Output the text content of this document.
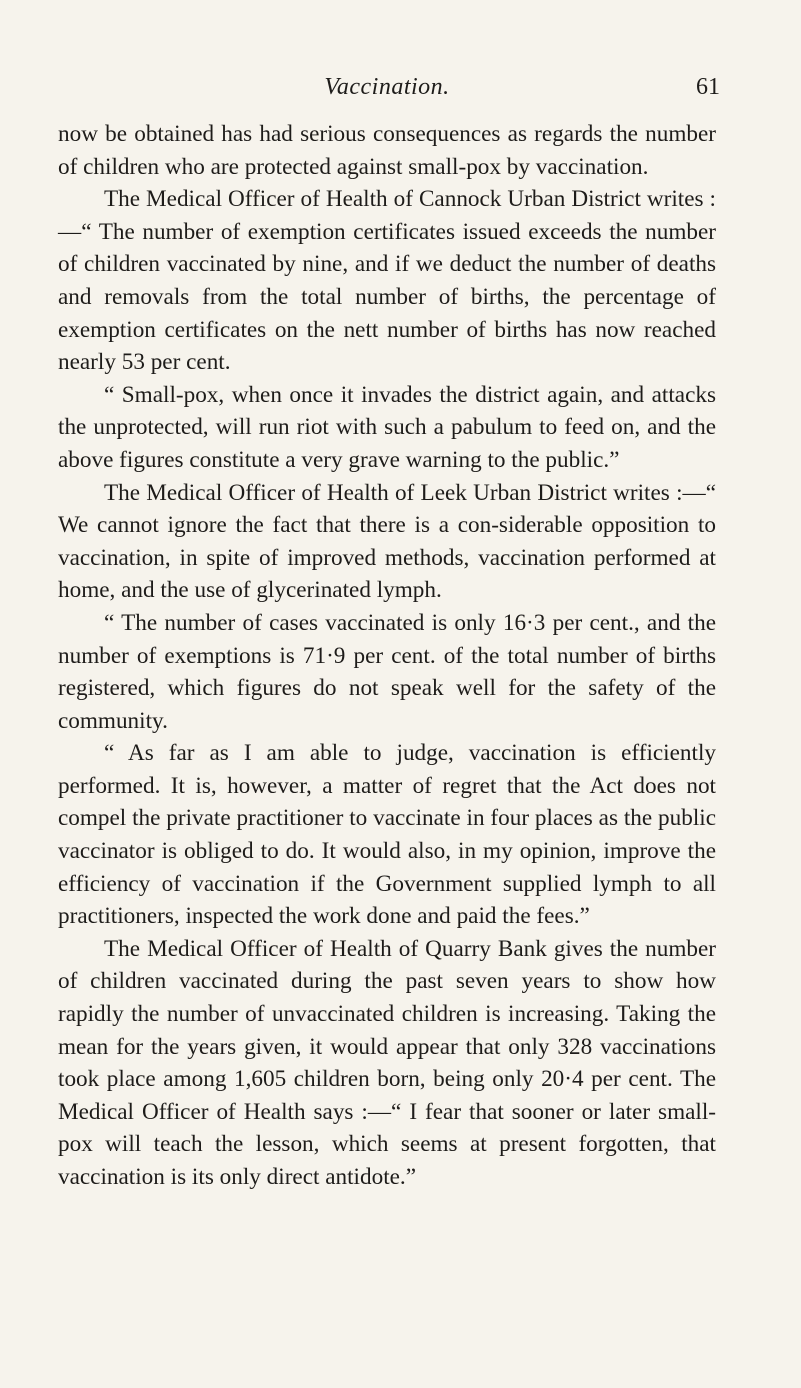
Vaccination.	61

now be obtained has had serious consequences as regards the number of children who are protected against small-pox by vaccination.

The Medical Officer of Health of Cannock Urban District writes :—“ The number of exemption certificates issued exceeds the number of children vaccinated by nine, and if we deduct the number of deaths and removals from the total number of births, the percentage of exemption certificates on the nett number of births has now reached nearly 53 per cent.

“ Small-pox, when once it invades the district again, and attacks the unprotected, will run riot with such a pabulum to feed on, and the above figures constitute a very grave warning to the public.”

The Medical Officer of Health of Leek Urban District writes :—“ We cannot ignore the fact that there is a con-siderable opposition to vaccination, in spite of improved methods, vaccination performed at home, and the use of glycerinated lymph.

“ The number of cases vaccinated is only 16·3 per cent., and the number of exemptions is 71·9 per cent. of the total number of births registered, which figures do not speak well for the safety of the community.

“ As far as I am able to judge, vaccination is efficiently performed. It is, however, a matter of regret that the Act does not compel the private practitioner to vaccinate in four places as the public vaccinator is obliged to do. It would also, in my opinion, improve the efficiency of vaccination if the Government supplied lymph to all practitioners, inspected the work done and paid the fees.”

The Medical Officer of Health of Quarry Bank gives the number of children vaccinated during the past seven years to show how rapidly the number of unvaccinated children is increasing. Taking the mean for the years given, it would appear that only 328 vaccinations took place among 1,605 children born, being only 20·4 per cent. The Medical Officer of Health says :—“ I fear that sooner or later small-pox will teach the lesson, which seems at present forgotten, that vaccination is its only direct antidote.”
